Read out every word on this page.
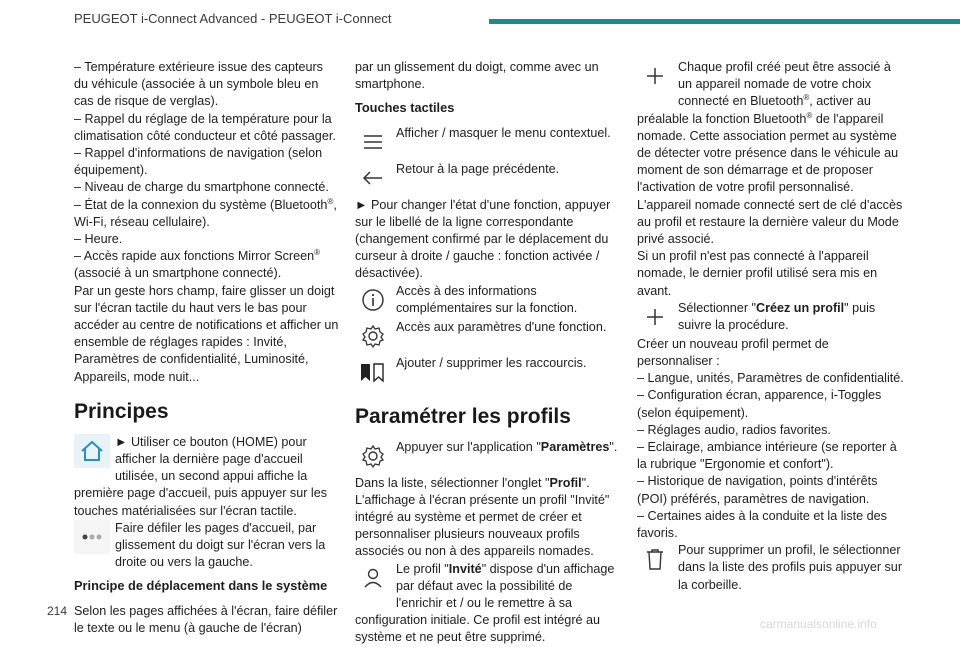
PEUGEOT i-Connect Advanced - PEUGEOT i-Connect

– Température extérieure issue des capteurs du véhicule (associée à un symbole bleu en cas de risque de verglas).

– Rappel du réglage de la température pour la climatisation côté conducteur et côté passager.

– Rappel d'informations de navigation (selon équipement).

– Niveau de charge du smartphone connecté.

– État de la connexion du système (Bluetooth®, Wi-Fi, réseau cellulaire).

– Heure.

– Accès rapide aux fonctions Mirror Screen® (associé à un smartphone connecté).

Par un geste hors champ, faire glisser un doigt sur l'écran tactile du haut vers le bas pour accéder au centre de notifications et afficher un ensemble de réglages rapides : Invité, Paramètres de confidentialité, Luminosité, Appareils, mode nuit...

Principes

► Utiliser ce bouton (HOME) pour afficher la dernière page d'accueil utilisée, un second appui affiche la première page d'accueil, puis appuyer sur les touches matérialisées sur l'écran tactile.

Faire défiler les pages d'accueil, par glissement du doigt sur l'écran vers la droite ou vers la gauche.

Principe de déplacement dans le système

Selon les pages affichées à l'écran, faire défiler le texte ou le menu (à gauche de l'écran)

par un glissement du doigt, comme avec un smartphone.

Touches tactiles

Afficher / masquer le menu contextuel.

Retour à la page précédente.

► Pour changer l'état d'une fonction, appuyer sur le libellé de la ligne correspondante (changement confirmé par le déplacement du curseur à droite / gauche : fonction activée / désactivée).

Accès à des informations complémentaires sur la fonction.

Accès aux paramètres d'une fonction.

Ajouter / supprimer les raccourcis.

Paramétrer les profils

Appuyer sur l'application "Paramètres".

Dans la liste, sélectionner l'onglet "Profil". L'affichage à l'écran présente un profil "Invité" intégré au système et permet de créer et personnaliser plusieurs nouveaux profils associés ou non à des appareils nomades.

Le profil "Invité" dispose d'un affichage par défaut avec la possibilité de l'enrichir et / ou le remettre à sa configuration initiale. Ce profil est intégré au système et ne peut être supprimé.

Chaque profil créé peut être associé à un appareil nomade de votre choix connecté en Bluetooth®, activer au préalable la fonction Bluetooth® de l'appareil nomade. Cette association permet au système de détecter votre présence dans le véhicule au moment de son démarrage et de proposer l'activation de votre profil personnalisé.

L'appareil nomade connecté sert de clé d'accès au profil et restaure la dernière valeur du Mode privé associé.

Si un profil n'est pas connecté à l'appareil nomade, le dernier profil utilisé sera mis en avant.

Sélectionner "Créez un profil" puis suivre la procédure.

Créer un nouveau profil permet de personnaliser :

– Langue, unités, Paramètres de confidentialité.

– Configuration écran, apparence, i-Toggles (selon équipement).

– Réglages audio, radios favorites.

– Eclairage, ambiance intérieure (se reporter à la rubrique "Ergonomie et confort").

– Historique de navigation, points d'intérêts (POI) préférés, paramètres de navigation.

– Certaines aides à la conduite et la liste des favoris.

Pour supprimer un profil, le sélectionner dans la liste des profils puis appuyer sur la corbeille.

214
carmanualsonline.info
